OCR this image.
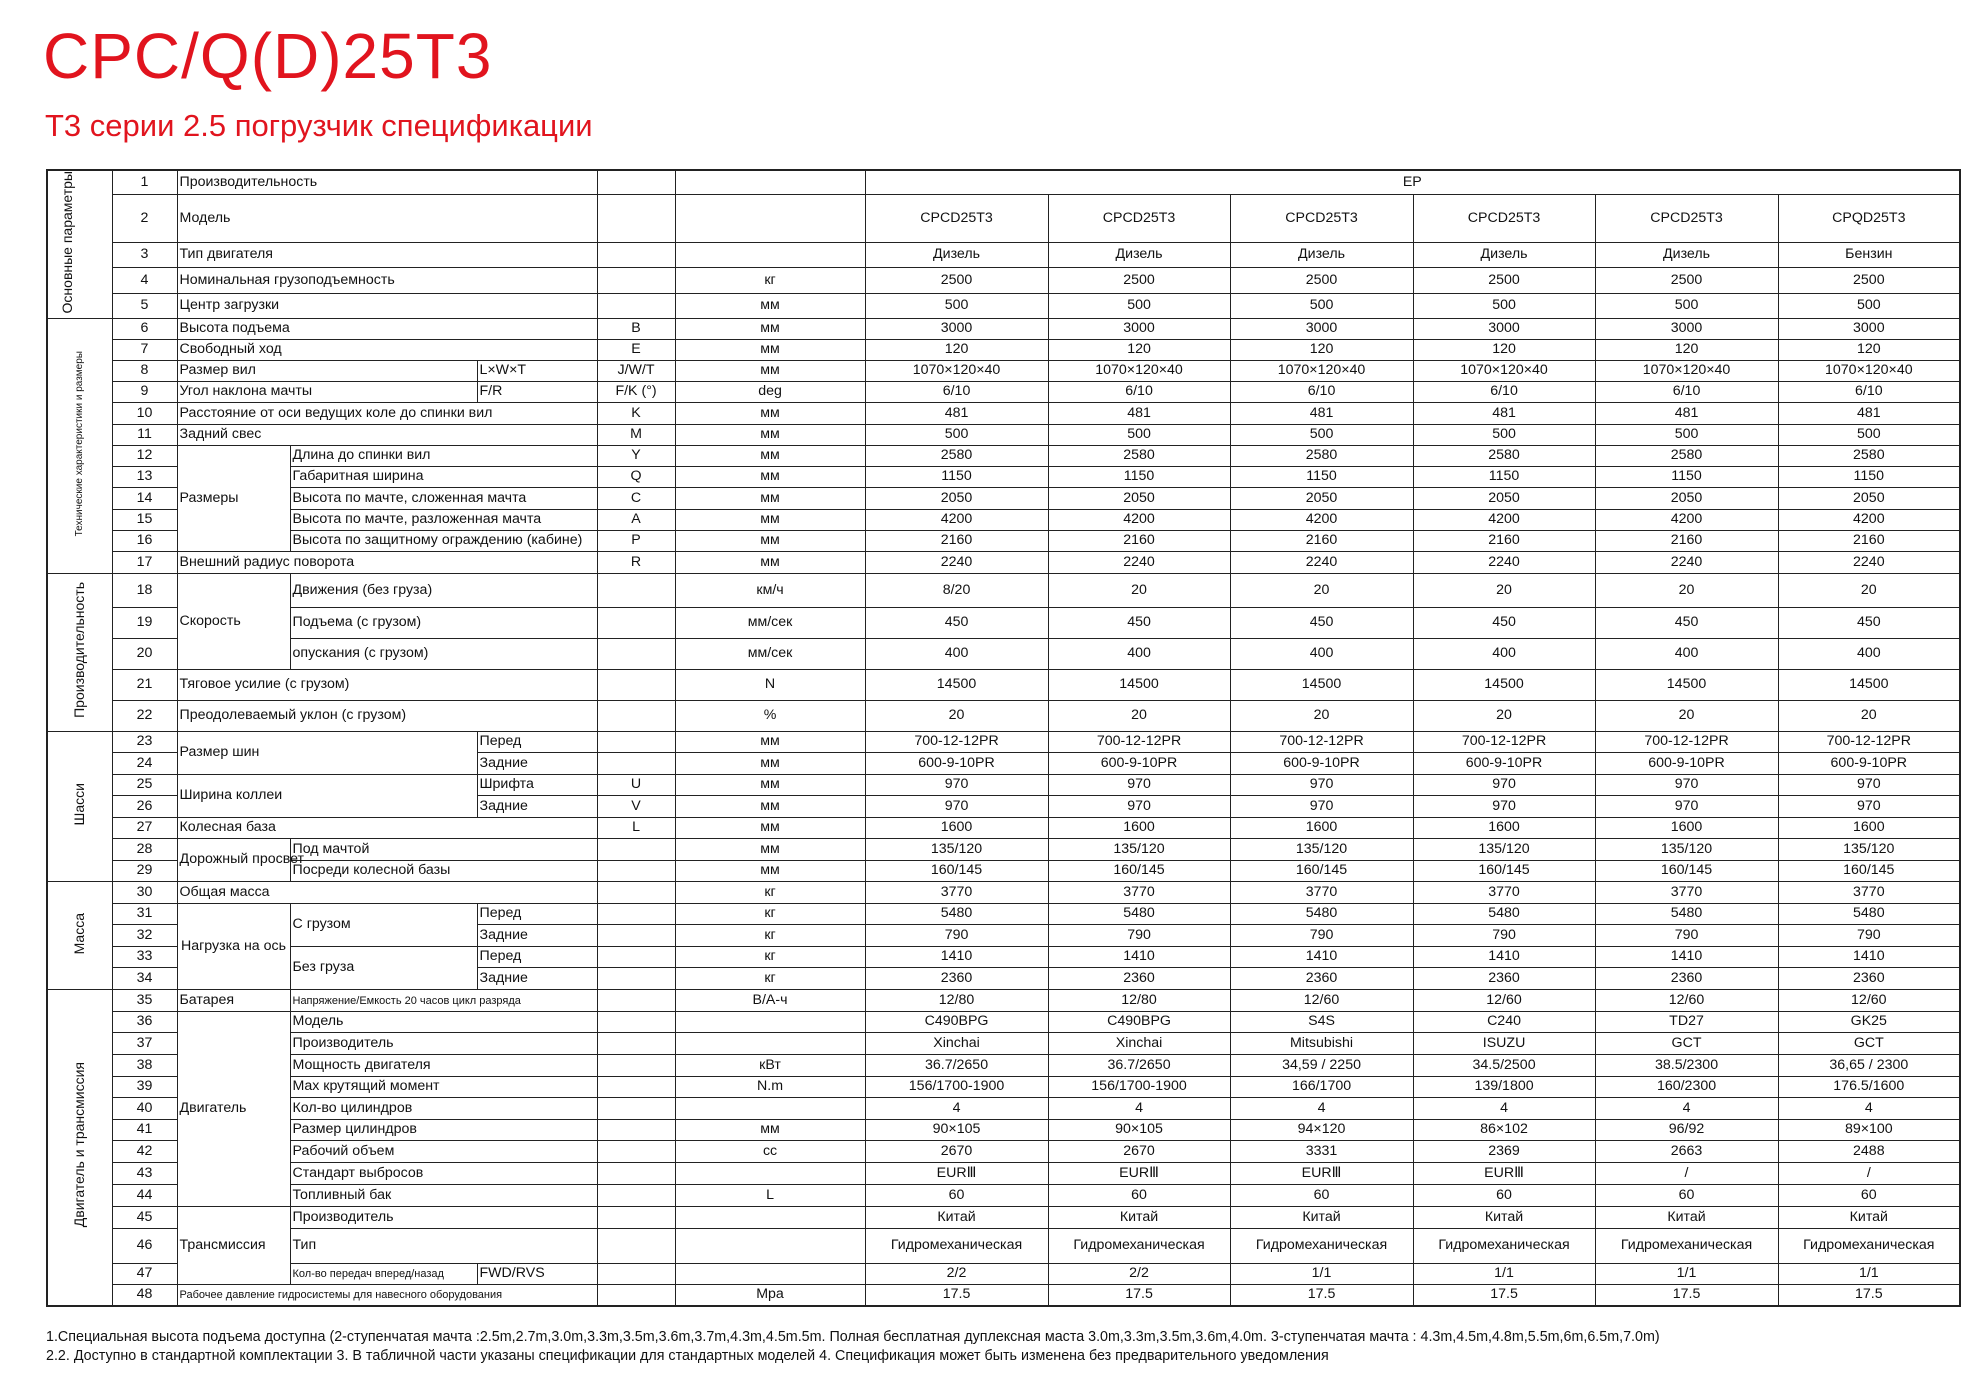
CPC/Q(D)25T3
T3 серии 2.5 погрузчик спецификации
Основные параметры	1	Производительность					EP					
	2	Модель					CPCD25T3	CPCD25T3	CPCD25T3	CPCD25T3	CPCD25T3	CPQD25T3
	3	Тип двигателя					Дизель	Дизель	Дизель	Дизель	Дизель	Бензин
	4	Номинальная грузоподъемность				кг	2500	2500	2500	2500	2500	2500
	5	Центр загрузки				мм	500	500	500	500	500	500
Технические характеристики и размеры	6	Высота подъема			B	мм	3000	3000	3000	3000	3000	3000
	7	Свободный ход			E	мм	120	120	120	120	120	120
	8	Размер вил		L×W×T	J/W/T	мм	1070×120×40	1070×120×40	1070×120×40	1070×120×40	1070×120×40	1070×120×40
	9	Угол наклона мачты		F/R	F/K (°)	deg	6/10	6/10	6/10	6/10	6/10	6/10
	10	Расстояние от оси ведущих коле до спинки вил			K	мм	481	481	481	481	481	481
	11	Задний свес			M	мм	500	500	500	500	500	500
	12	Размеры	Длина до спинки вил		Y	мм	2580	2580	2580	2580	2580	2580
	13		Габаритная ширина		Q	мм	1150	1150	1150	1150	1150	1150
	14		Высота по мачте, сложенная мачта		C	мм	2050	2050	2050	2050	2050	2050
	15		Высота по мачте, разложенная мачта		A	мм	4200	4200	4200	4200	4200	4200
	16		Высота по защитному ограждению (кабине)		P	мм	2160	2160	2160	2160	2160	2160
	17	Внешний радиус поворота			R	мм	2240	2240	2240	2240	2240	2240
Производительность	18	Скорость	Движения (без груза)			км/ч	8/20	20	20	20	20	20
	19		Подъема (с грузом)			мм/сек	450	450	450	450	450	450
	20		опускания (с грузом)			мм/сек	400	400	400	400	400	400
	21	Тяговое усилие (с грузом)				N	14500	14500	14500	14500	14500	14500
	22	Преодолеваемый уклон (с грузом)				%	20	20	20	20	20	20
Шасси	23	Размер шин		Перед		мм	700-12-12PR	700-12-12PR	700-12-12PR	700-12-12PR	700-12-12PR	700-12-12PR
	24			Задние		мм	600-9-10PR	600-9-10PR	600-9-10PR	600-9-10PR	600-9-10PR	600-9-10PR
	25	Ширина коллеи		Шрифта	U	мм	970	970	970	970	970	970
	26			Задние	V	мм	970	970	970	970	970	970
	27	Колесная база			L	мм	1600	1600	1600	1600	1600	1600
	28	Дорожный просвет	Под мачтой			мм	135/120	135/120	135/120	135/120	135/120	135/120
	29		Посреди колесной базы			мм	160/145	160/145	160/145	160/145	160/145	160/145
Масса	30	Общая масса				кг	3770	3770	3770	3770	3770	3770
	31	Нагрузка на ось	С грузом	Перед		кг	5480	5480	5480	5480	5480	5480
	32			Задние		кг	790	790	790	790	790	790
	33		Без груза	Перед		кг	1410	1410	1410	1410	1410	1410
	34			Задние		кг	2360	2360	2360	2360	2360	2360
Двигатель и трансмиссия	35	Батарея	Напряжение/Емкость 20 часов цикл разряда			В/А-ч	12/80	12/80	12/60	12/60	12/60	12/60
	36	Двигатель	Модель				C490BPG	C490BPG	S4S	C240	TD27	GK25
	37		Производитель				Xinchai	Xinchai	Mitsubishi	ISUZU	GCT	GCT
	38		Мощность двигателя			кВт	36.7/2650	36.7/2650	34,59 / 2250	34.5/2500	38.5/2300	36,65 / 2300
	39		Max крутящий момент			N.m	156/1700-1900	156/1700-1900	166/1700	139/1800	160/2300	176.5/1600
	40		Кол-во цилиндров				4	4	4	4	4	4
	41		Размер цилиндров			мм	90×105	90×105	94×120	86×102	96/92	89×100
	42		Рабочий объем			cc	2670	2670	3331	2369	2663	2488
	43		Стандарт выбросов				EURⅢ	EURⅢ	EURⅢ	EURⅢ	/	/
	44		Топливный бак			L	60	60	60	60	60	60
	45	Трансмиссия	Производитель				Китай	Китай	Китай	Китай	Китай	Китай
	46		Тип				Гидромеханическая	Гидромеханическая	Гидромеханическая	Гидромеханическая	Гидромеханическая	Гидромеханическая
	47		Кол-во передач вперед/назад	FWD/RVS			2/2	2/2	1/1	1/1	1/1	1/1
	48	Рабочее давление гидросистемы для навесного оборудования				Мра	17.5	17.5	17.5	17.5	17.5	17.5
1.Специальная высота подъема доступна (2-ступенчатая мачта :2.5m,2.7m,3.0m,3.3m,3.5m,3.6m,3.7m,4.3m,4.5m.5m. Полная бесплатная дуплексная маста 3.0m,3.3m,3.5m,3.6m,4.0m. 3-ступенчатая мачта : 4.3m,4.5m,4.8m,5.5m,6m,6.5m,7.0m)
2.2. Доступно в стандартной комплектации 3. В табличной части указаны спецификации для стандартных моделей 4. Спецификация может быть изменена без предварительного уведомления
